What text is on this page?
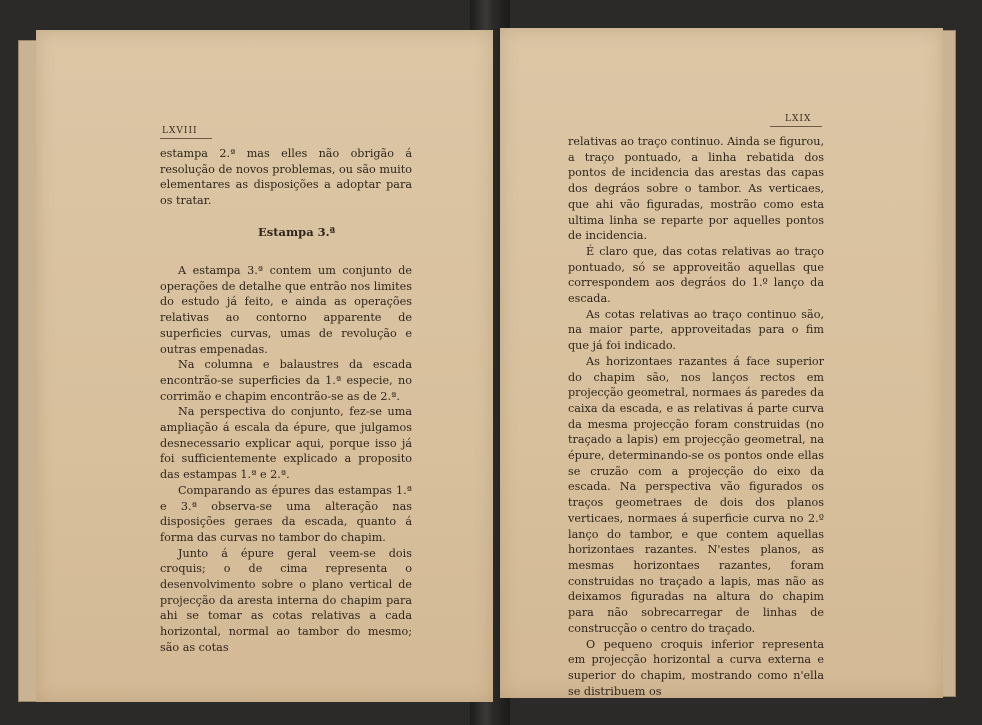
LXVIII

estampa 2.ª mas elles não obrigão á resolução de novos problemas, ou são muito elementares as disposições a adoptar para os tratar.

Estampa 3.ª

A estampa 3.ª contem um conjunto de operações de detalhe que entrão nos limites do estudo já feito, e ainda as operações relativas ao contorno apparente de superficies curvas, umas de revolução e outras empenadas.

Na columna e balaustres da escada encontrão-se superficies da 1.ª especie, no corrimão e chapim encontrão-se as de 2.ª.

Na perspectiva do conjunto, fez-se uma ampliação á escala da épure, que julgamos desnecessario explicar aqui, porque isso já foi sufficientemente explicado a proposito das estampas 1.ª e 2.ª.

Comparando as épures das estampas 1.ª e 3.ª observa-se uma alteração nas disposições geraes da escada, quanto á forma das curvas no tambor do chapim.

Junto á épure geral veem-se dois croquis; o de cima representa o desenvolvimento sobre o plano vertical de projecção da aresta interna do chapim para ahi se tomar as cotas relativas a cada horizontal, normal ao tambor do mesmo; são as cotas

LXIX

relativas ao traço continuo. Ainda se figurou, a traço pontuado, a linha rebatida dos pontos de incidencia das arestas das capas dos degráos sobre o tambor. As verticaes, que ahi vão figuradas, mostrão como esta ultima linha se reparte por aquelles pontos de incidencia.

É claro que, das cotas relativas ao traço pontuado, só se approveitão aquellas que correspondem aos degráos do 1.º lanço da escada.

As cotas relativas ao traço continuo são, na maior parte, approveitadas para o fim que já foi indicado.

As horizontaes razantes á face superior do chapim são, nos lanços rectos em projecção geometral, normaes ás paredes da caixa da escada, e as relativas á parte curva da mesma projecção foram construidas (no traçado a lapis) em projecção geometral, na épure, determinando-se os pontos onde ellas se cruzão com a projecção do eixo da escada. Na perspectiva vão figurados os traços geometraes de dois dos planos verticaes, normaes á superficie curva no 2.º lanço do tambor, e que contem aquellas horizontaes razantes. N'estes planos, as mesmas horizontaes razantes, foram construidas no traçado a lapis, mas não as deixamos figuradas na altura do chapim para não sobrecarregar de linhas de construcção o centro do traçado.

O pequeno croquis inferior representa em projecção horizontal a curva externa e superior do chapim, mostrando como n'ella se distribuem os
